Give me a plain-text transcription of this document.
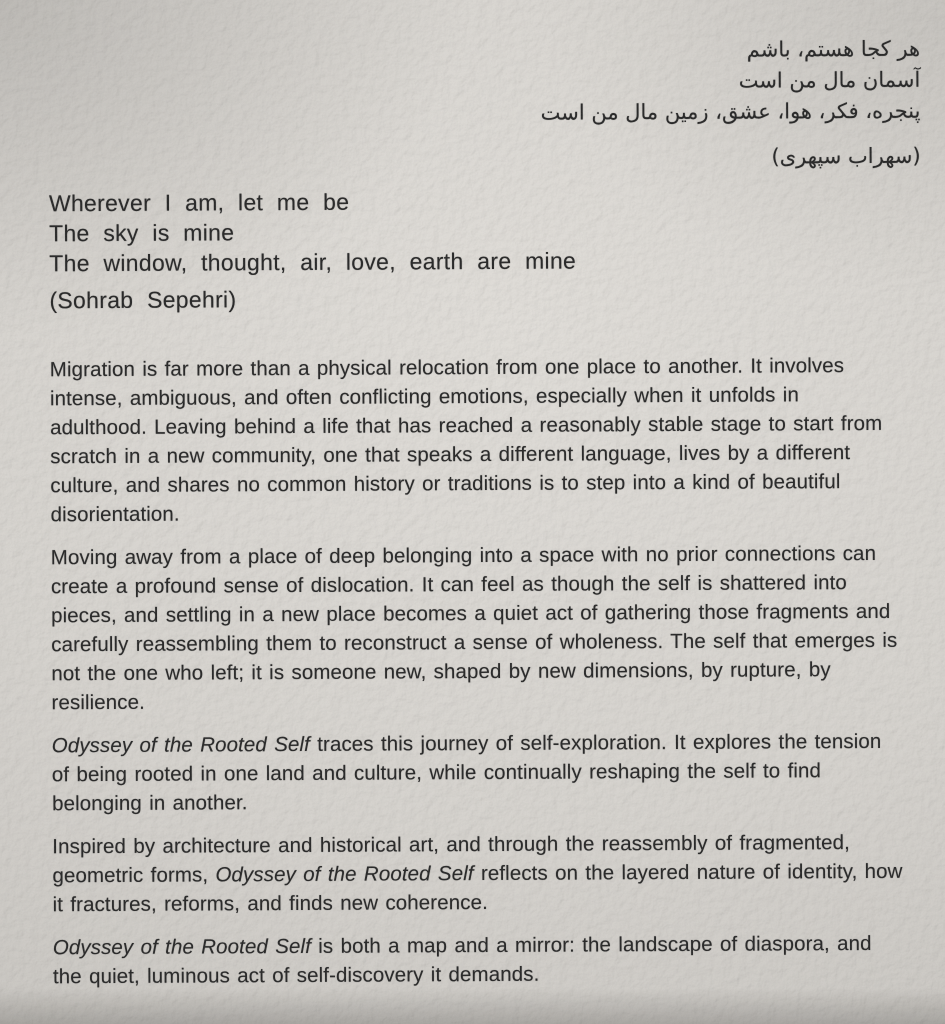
هر کجا هستم، باشم
آسمان مال من است
پنجره، فکر، هوا، عشق، زمین مال من است
(سهراب سپهری)
Wherever I am, let me be
The sky is mine
The window, thought, air, love, earth are mine
(Sohrab Sepehri)

Migration is far more than a physical relocation from one place to another. It involves intense, ambiguous, and often conflicting emotions, especially when it unfolds in adulthood. Leaving behind a life that has reached a reasonably stable stage to start from scratch in a new community, one that speaks a different language, lives by a different culture, and shares no common history or traditions is to step into a kind of beautiful disorientation.

Moving away from a place of deep belonging into a space with no prior connections can create a profound sense of dislocation. It can feel as though the self is shattered into pieces, and settling in a new place becomes a quiet act of gathering those fragments and carefully reassembling them to reconstruct a sense of wholeness. The self that emerges is not the one who left; it is someone new, shaped by new dimensions, by rupture, by resilience.

Odyssey of the Rooted Self traces this journey of self-exploration. It explores the tension of being rooted in one land and culture, while continually reshaping the self to find belonging in another.

Inspired by architecture and historical art, and through the reassembly of fragmented, geometric forms, Odyssey of the Rooted Self reflects on the layered nature of identity, how it fractures, reforms, and finds new coherence.

Odyssey of the Rooted Self is both a map and a mirror: the landscape of diaspora, and the quiet, luminous act of self-discovery it demands.
